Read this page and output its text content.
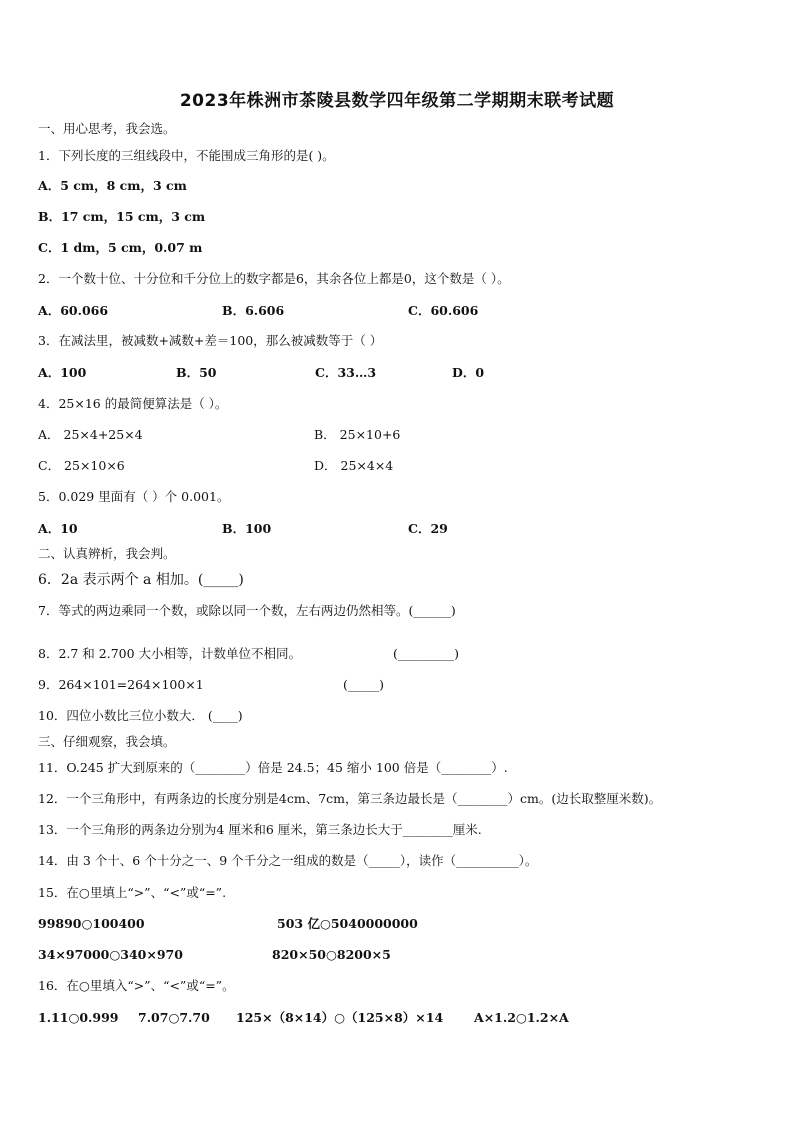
2023年株洲市茶陵县数学四年级第二学期期末联考试题
一、用心思考，我会选。
1．下列长度的三组线段中，不能围成三角形的是( )。
A．5 cm，8 cm，3 cm
B．17 cm，15 cm，3 cm
C．1 dm，5 cm，0.07 m
2．一个数十位、十分位和千分位上的数字都是6，其余各位上都是0，这个数是（ ）。
A．60.066	B．6.606	C．60.606
3．在减法里，被减数+减数+差＝100，那么被减数等于（ ）
A．100	B．50	C．33…3	D．0
4．25×16 的最简便算法是（ ）。
A． 25×4+25×4	B． 25×10+6
C． 25×10×6	D． 25×4×4
5．0.029 里面有（ ）个 0.001。
A．10	B．100	C．29
二、认真辨析，我会判。
6．2a 表示两个 a 相加。(_____)
7．等式的两边乘同一个数，或除以同一个数，左右两边仍然相等。(______)
8．2.7 和 2.700 大小相等，计数单位不相同。	(_________)
9．264×101=264×100×1	(_____)
10．四位小数比三位小数大． (____)
三、仔细观察，我会填。
11．O.245 扩大到原来的（________）倍是 24.5；45 缩小 100 倍是（________）.
12．一个三角形中，有两条边的长度分别是4cm、7cm，第三条边最长是（________）cm。(边长取整厘米数)。
13．一个三角形的两条边分别为4 厘米和6 厘米，第三条边长大于________厘米.
14．由 3 个十、6 个十分之一、9 个千分之一组成的数是（_____），读作（__________）。
15．在○里填上“>”、“<”或“=”.
99890○100400	503 亿○5040000000
34×97000○340×970	820×50○8200×5
16．在○里填入“>”、“<”或“=”。
1.11○0.999 7.07○7.70 125×（8×14）○（125×8）×14 A×1.2○1.2×A
